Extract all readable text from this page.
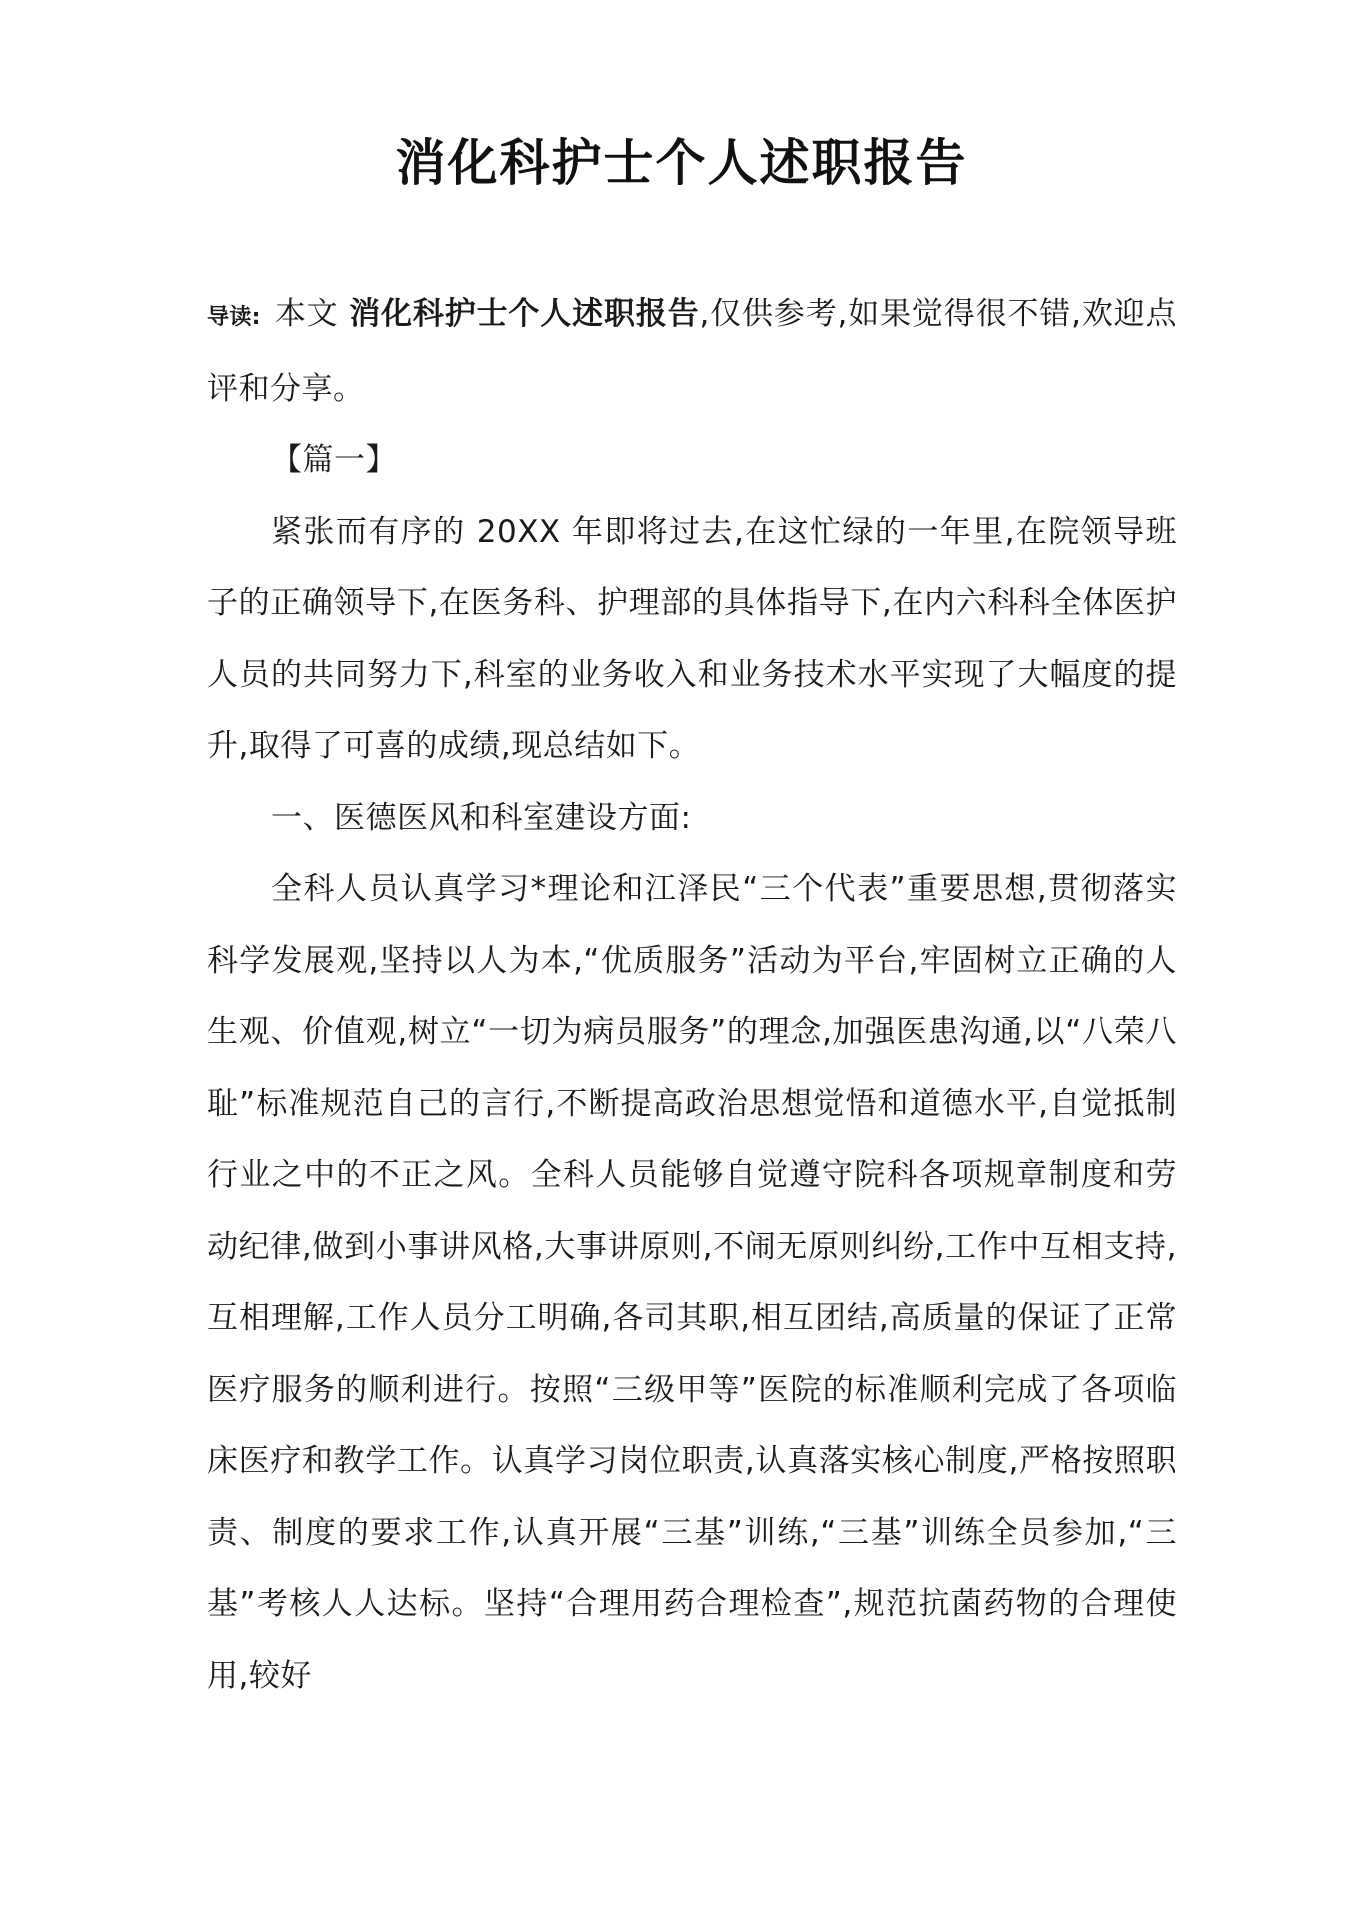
消化科护士个人述职报告

导读: 本文 消化科护士个人述职报告,仅供参考,如果觉得很不错,欢迎点评和分享。

【篇一】

紧张而有序的 20XX 年即将过去,在这忙绿的一年里,在院领导班子的正确领导下,在医务科、护理部的具体指导下,在内六科科全体医护人员的共同努力下,科室的业务收入和业务技术水平实现了大幅度的提升,取得了可喜的成绩,现总结如下。

一、医德医风和科室建设方面:

全科人员认真学习*理论和江泽民“三个代表”重要思想,贯彻落实科学发展观,坚持以人为本,“优质服务”活动为平台,牢固树立正确的人生观、价值观,树立“一切为病员服务”的理念,加强医患沟通,以“八荣八耻”标准规范自己的言行,不断提高政治思想觉悟和道德水平,自觉抵制行业之中的不正之风。全科人员能够自觉遵守院科各项规章制度和劳动纪律,做到小事讲风格,大事讲原则,不闹无原则纠纷,工作中互相支持,互相理解,工作人员分工明确,各司其职,相互团结,高质量的保证了正常医疗服务的顺利进行。按照“三级甲等”医院的标准顺利完成了各项临床医疗和教学工作。认真学习岗位职责,认真落实核心制度,严格按照职责、制度的要求工作,认真开展“三基”训练,“三基”训练全员参加,“三基”考核人人达标。坚持“合理用药合理检查”,规范抗菌药物的合理使用,较好
